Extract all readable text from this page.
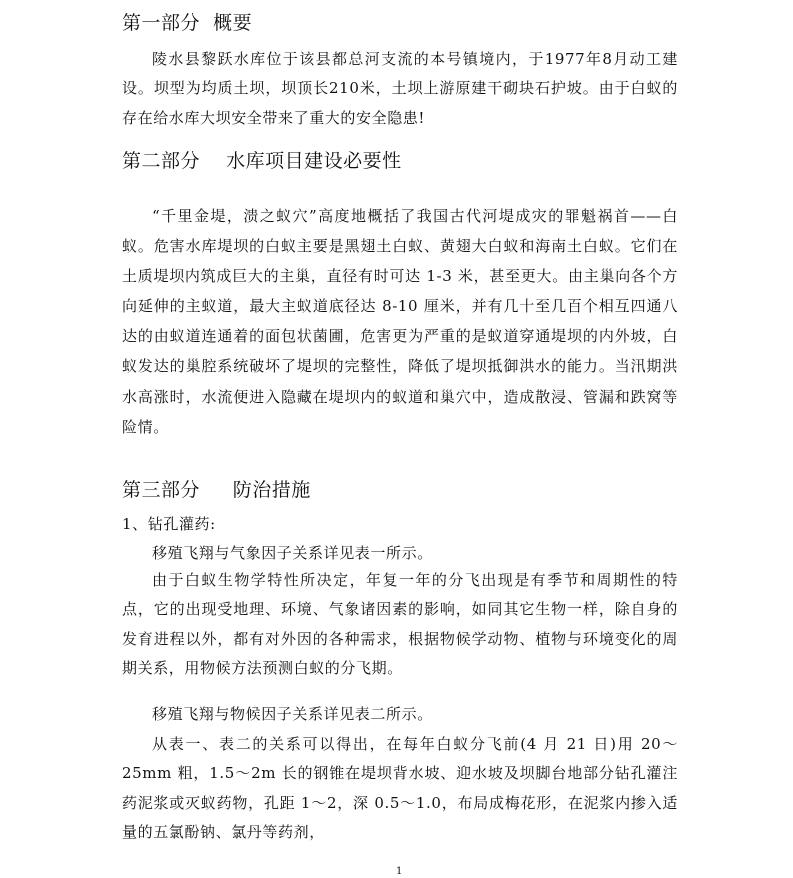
第一部分  概要

陵水县黎跃水库位于该县都总河支流的本号镇境内，于1977年8月动工建设。坝型为均质土坝，坝顶长210米，土坝上游原建干砌块石护坡。由于白蚁的存在给水库大坝安全带来了重大的安全隐患!

第二部分    水库项目建设必要性

“千里金堤，溃之蚁穴”高度地概括了我国古代河堤成灾的罪魁祸首——白蚁。危害水库堤坝的白蚁主要是黑翅土白蚁、黄翅大白蚁和海南土白蚁。它们在土质堤坝内筑成巨大的主巢，直径有时可达 1-3 米，甚至更大。由主巢向各个方向延伸的主蚁道，最大主蚁道底径达 8-10 厘米，并有几十至几百个相互四通八达的由蚁道连通着的面包状菌圃，危害更为严重的是蚁道穿通堤坝的内外坡，白蚁发达的巢腔系统破坏了堤坝的完整性，降低了堤坝抵御洪水的能力。当汛期洪水高涨时，水流便进入隐藏在堤坝内的蚁道和巢穴中，造成散浸、管漏和跌窝等险情。

第三部分     防治措施
1、钻孔灌药:
移殖飞翔与气象因子关系详见表一所示。

由于白蚁生物学特性所决定，年复一年的分飞出现是有季节和周期性的特点，它的出现受地理、环境、气象诸因素的影响，如同其它生物一样，除自身的发育进程以外，都有对外因的各种需求，根据物候学动物、植物与环境变化的周期关系，用物候方法预测白蚁的分飞期。

移殖飞翔与物候因子关系详见表二所示。

从表一、表二的关系可以得出，在每年白蚁分飞前(4 月 21 日)用 20～25mm 粗，1.5～2m 长的钢锥在堤坝背水坡、迎水坡及坝脚台地部分钻孔灌注药泥浆或灭蚁药物，孔距 1～2，深 0.5～1.0，布局成梅花形，在泥浆内掺入适量的五氯酚钠、氯丹等药剂，

1
